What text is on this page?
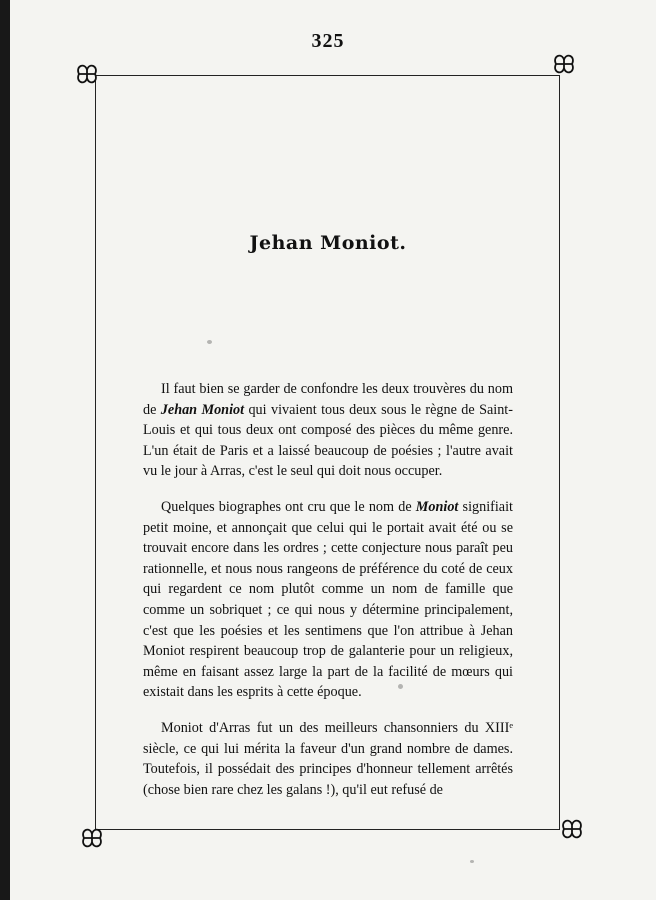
325
Jehan Moniot.

Il faut bien se garder de confondre les deux trouvères du nom de Jehan Moniot qui vivaient tous deux sous le règne de Saint-Louis et qui tous deux ont composé des pièces du même genre. L'un était de Paris et a laissé beaucoup de poésies ; l'autre avait vu le jour à Arras, c'est le seul qui doit nous occuper.

Quelques biographes ont cru que le nom de Moniot signifiait petit moine, et annonçait que celui qui le portait avait été ou se trouvait encore dans les ordres ; cette conjecture nous paraît peu rationnelle, et nous nous rangeons de préférence du coté de ceux qui regardent ce nom plutôt comme un nom de famille que comme un sobriquet ; ce qui nous y détermine principalement, c'est que les poésies et les sentimens que l'on attribue à Jehan Moniot respirent beaucoup trop de galanterie pour un religieux, même en faisant assez large la part de la facilité de mœurs qui existait dans les esprits à cette époque.

Moniot d'Arras fut un des meilleurs chansonniers du XIIIᵉ siècle, ce qui lui mérita la faveur d'un grand nombre de dames. Toutefois, il possédait des principes d'honneur tellement arrêtés (chose bien rare chez les galans !), qu'il eut refusé de
